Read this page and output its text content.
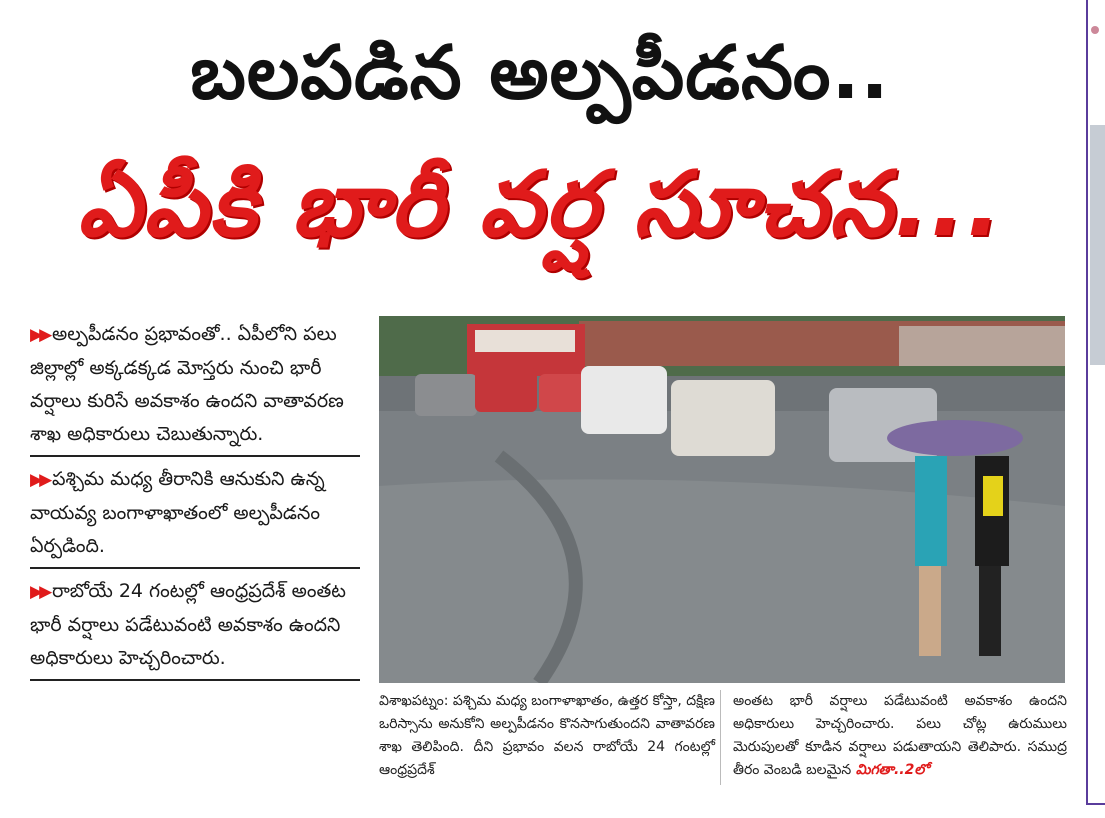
బలపడిన అల్పపీడనం..
ఏపీకి భారీ వర్ష సూచన...
▶▶ అల్పపీడనం ప్రభావంతో.. ఏపీలోని పలు జిల్లాల్లో అక్కడక్కడ మోస్తరు నుంచి భారీ వర్షాలు కురిసే అవకాశం ఉందని వాతావరణ శాఖ అధికారులు చెబుతున్నారు.
▶▶ పశ్చిమ మధ్య తీరానికి ఆనుకుని ఉన్న వాయవ్య బంగాళాఖాతంలో అల్పపీడనం ఏర్పడింది.
▶▶ రాబోయే 24 గంటల్లో ఆంధ్రప్రదేశ్ అంతట భారీ వర్షాలు పడేటువంటి అవకాశం ఉందని అధికారులు హెచ్చరించారు.
విశాఖపట్నం: పశ్చిమ మధ్య బంగాళాఖాతం, ఉత్తర కోస్తా, దక్షిణ ఒరిస్సాను అనుకోని అల్పపీడనం కొనసాగుతుందని వాతావరణ శాఖ తెలిపింది. దీని ప్రభావం వలన రాబోయే 24 గంటల్లో ఆంధ్రప్రదేశ్
అంతట భారీ వర్షాలు పడేటువంటి అవకాశం ఉందని అధికారులు హెచ్చరించారు. పలు చోట్ల ఉరుములు మెరుపులతో కూడిన వర్షాలు పడుతాయని తెలిపారు. సముద్ర తీరం వెంబడి బలమైన మిగతా..2లో
